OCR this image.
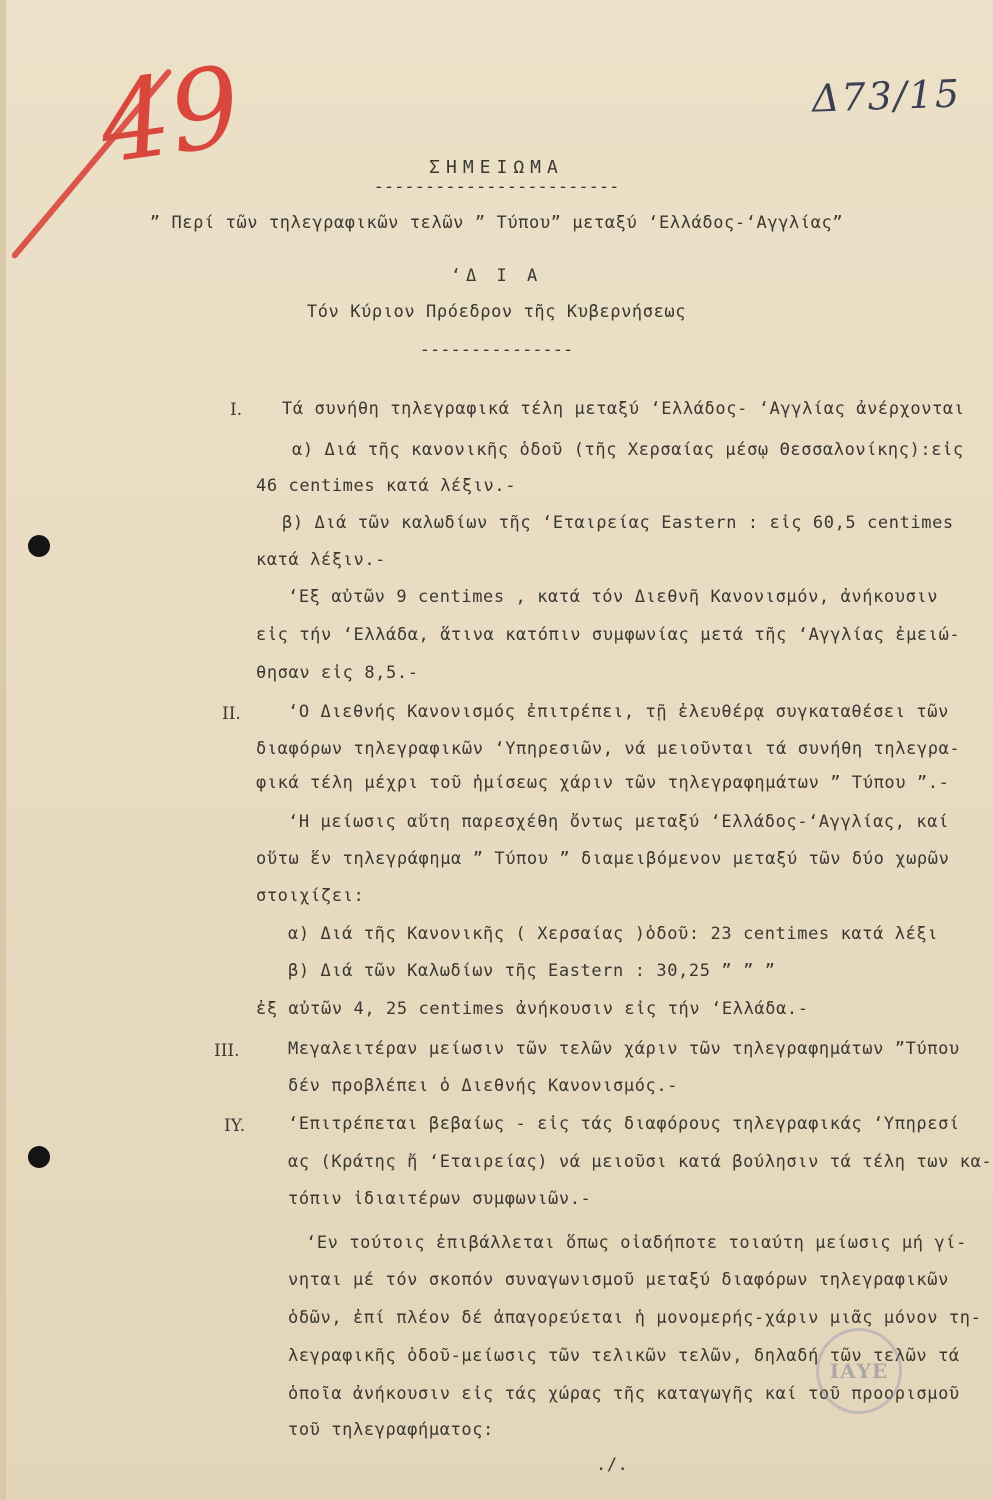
Δ73/15
49	ΣΗΜΕΙΩΜΑ
------------------------
” Περί τῶν τηλεγραφικῶν τελῶν ” Τύπου” μεταξύ ‘Ελλάδος-‘Αγγλίας”
‘Δ Ι Α
Τόν Κύριον Πρόεδρον τῆς Κυβερνήσεως
---------------
I. Τά συνήθη τηλεγραφικά τέλη μεταξύ ‘Ελλάδος- ‘Αγγλίας ἀνέρχονται
α) Διά τῆς κανονικῆς ὁδοῦ (τῆς Χερσαίας μέσῳ Θεσσαλονίκης):εἰς
46 centimes κατά λέξιν.-
β) Διά τῶν καλωδίων τῆς ‘Εταιρείας Eastern : εἰς 60,5 centimes
κατά λέξιν.-
‘Εξ αὐτῶν 9 centimes , κατά τόν Διεθνῆ Κανονισμόν, ἀνήκουσιν
εἰς τήν ‘Ελλάδα, ἅτινα κατόπιν συμφωνίας μετά τῆς ‘Αγγλίας ἐμειώ-
θησαν εἰς 8,5.-
II.	‘Ο Διεθνής Κανονισμός ἐπιτρέπει, τῇ ἐλευθέρᾳ συγκαταθέσει τῶν
διαφόρων τηλεγραφικῶν ‘Υπηρεσιῶν, νά μειοῦνται τά συνήθη τηλεγρα-
φικά τέλη μέχρι τοῦ ἡμίσεως χάριν τῶν τηλεγραφημάτων ” Τύπου ”.-
‘Η μείωσις αὕτη παρεσχέθη ὄντως μεταξύ ‘Ελλάδος-‘Αγγλίας, καί
οὕτω ἕν τηλεγράφημα ” Τύπου ” διαμειβόμενον μεταξύ τῶν δύο χωρῶν
στοιχίζει:
α) Διά τῆς Κανονικῆς ( Χερσαίας )ὁδοῦ: 23 centimes κατά λέξι
β) Διά τῶν Καλωδίων τῆς Eastern : 30,25 ” ” ”
ἐξ αὐτῶν 4, 25 centimes ἀνήκουσιν εἰς τήν ‘Ελλάδα.-
III.	Μεγαλειτέραν μείωσιν τῶν τελῶν χάριν τῶν τηλεγραφημάτων ”Τύπου
δέν προβλέπει ὁ Διεθνής Κανονισμός.-
IY.	‘Επιτρέπεται βεβαίως - εἰς τάς διαφόρους τηλεγραφικάς ‘Υπηρεσί
ας (Κράτης ἤ ‘Εταιρείας) νά μειοῦσι κατά βούλησιν τά τέλη των κα-
τόπιν ἰδιαιτέρων συμφωνιῶν.-
‘Εν τούτοις ἐπιβάλλεται ὅπως οἱαδήποτε τοιαύτη μείωσις μή γί-
νηται μέ τόν σκοπόν συναγωνισμοῦ μεταξύ διαφόρων τηλεγραφικῶν
ὁδῶν, ἐπί πλέον δέ ἀπαγορεύεται ἡ μονομερής-χάριν μιᾶς μόνον τη-
λεγραφικῆς ὁδοῦ-μείωσις τῶν τελικῶν τελῶν, δηλαδή τῶν τελῶν τά
ὁποῖα ἀνήκουσιν εἰς τάς χώρας τῆς καταγωγῆς καί τοῦ προορισμοῦ
τοῦ τηλεγραφήματος:
ΙΑΥΕ
./.
